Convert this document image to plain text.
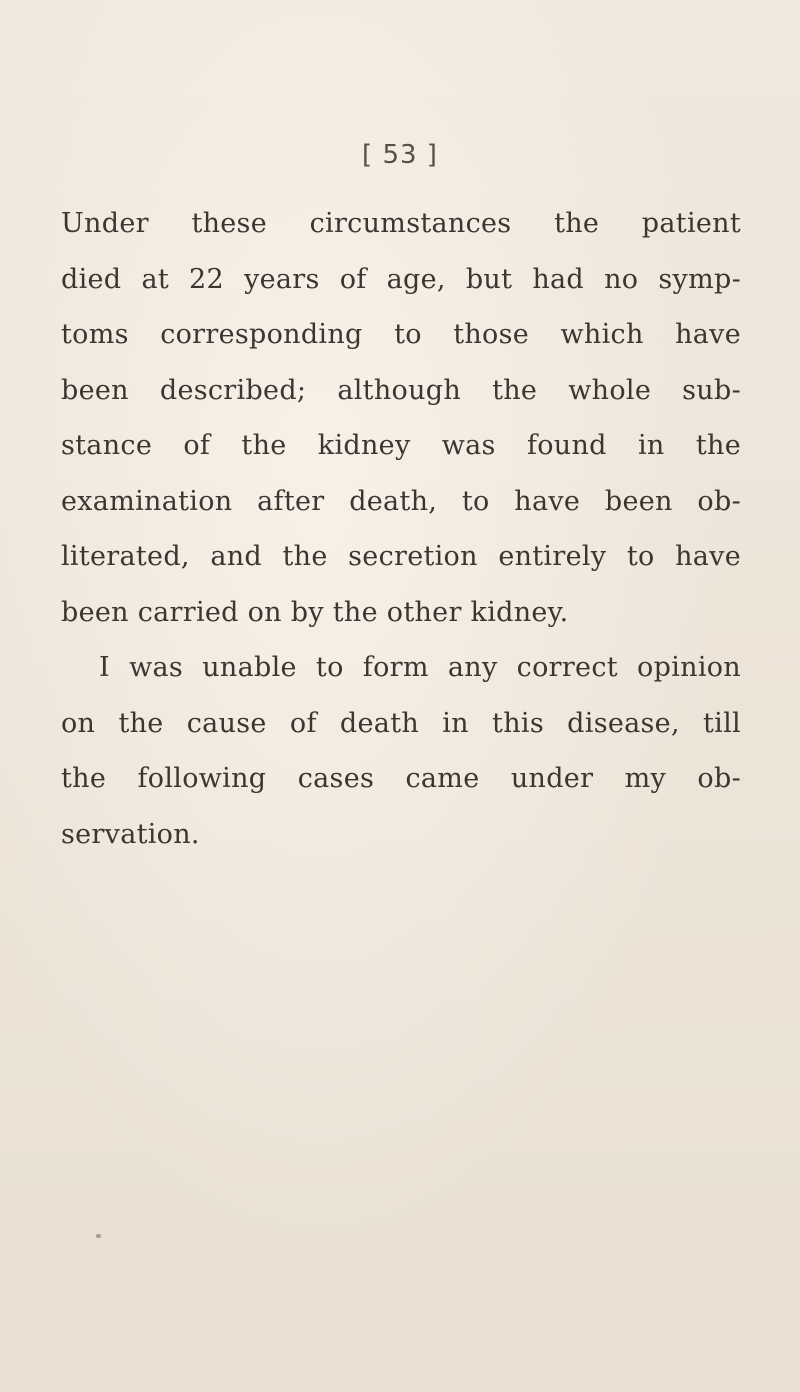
[ 53 ]
Under these circumstances the patient
died at 22 years of age, but had no symp-
toms corresponding to those which have
been described; although the whole sub-
stance of the kidney was found in the
examination after death, to have been ob-
literated, and the secretion entirely to have
been carried on by the other kidney.
I was unable to form any correct opinion
on the cause of death in this disease, till
the following cases came under my ob-
servation.
